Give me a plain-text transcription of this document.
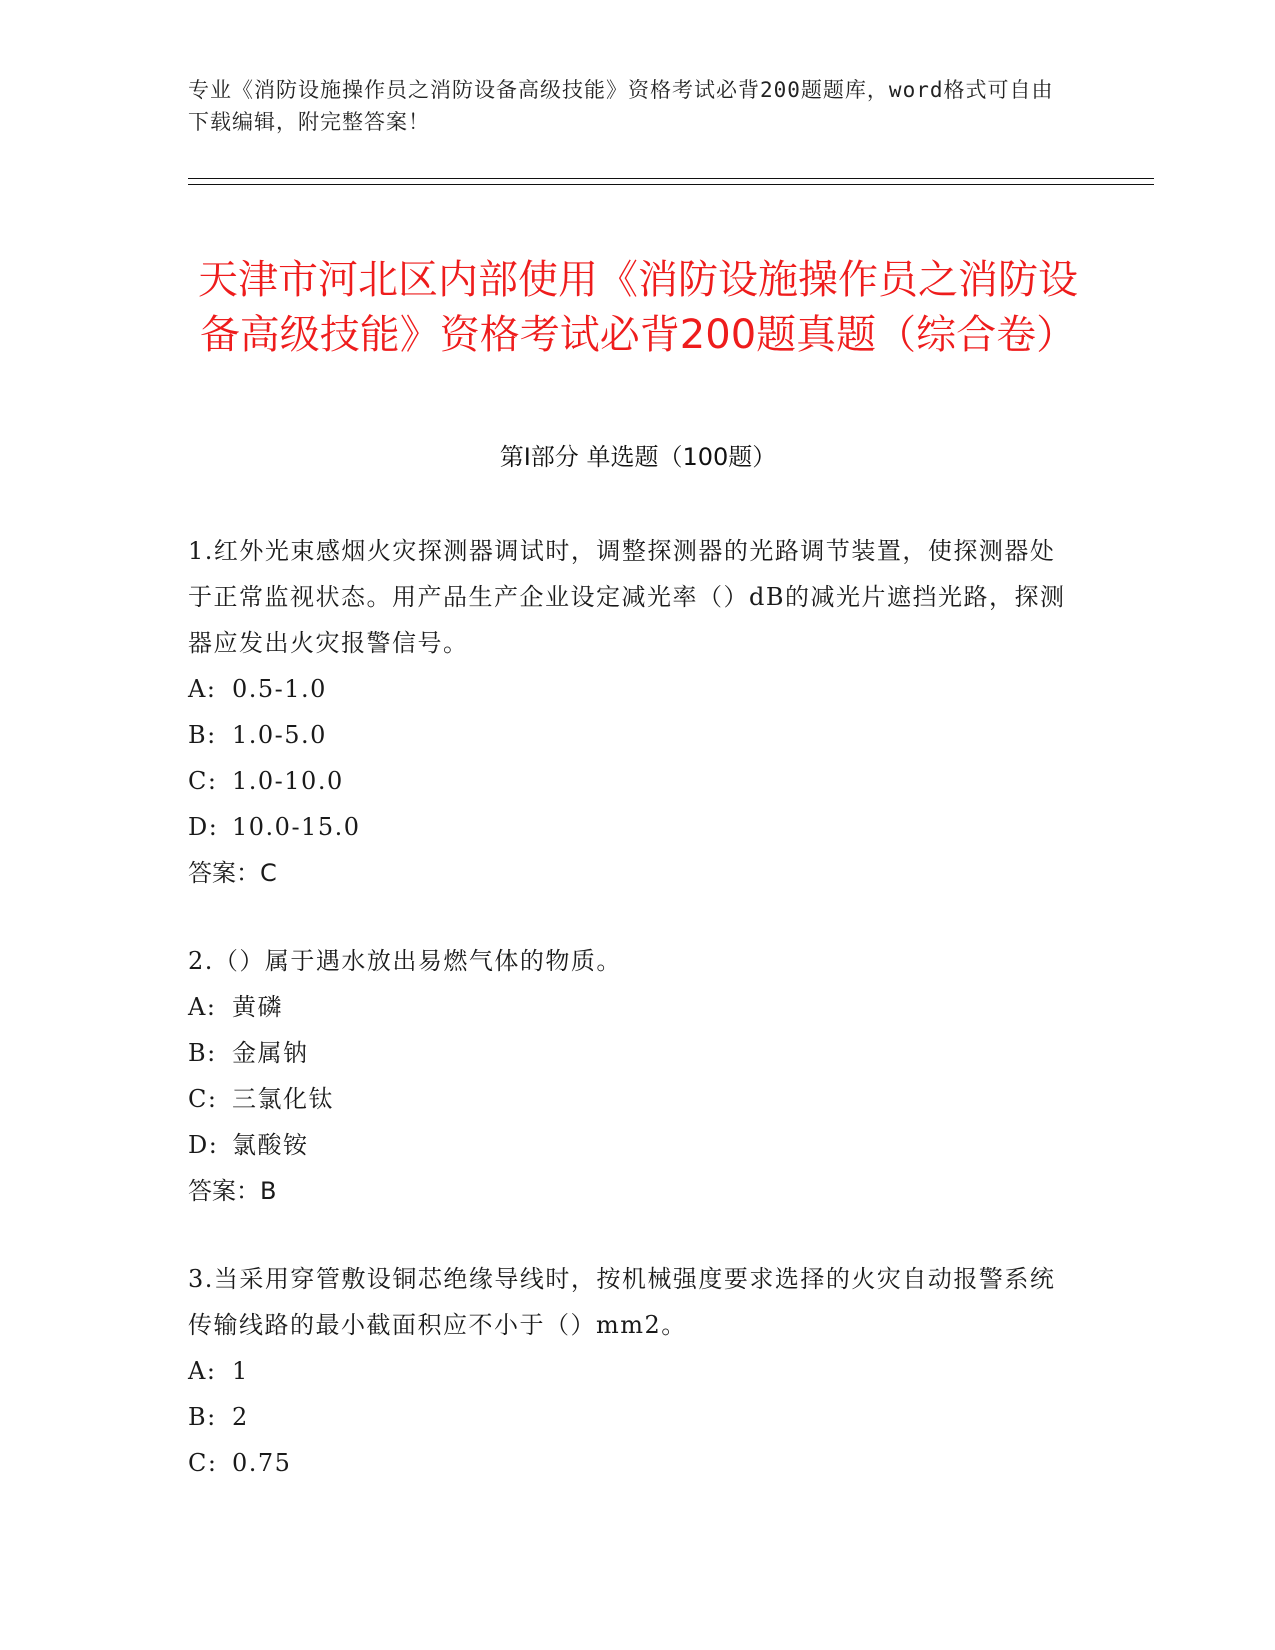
专业《消防设施操作员之消防设备高级技能》资格考试必背200题题库，word格式可自由下载编辑，附完整答案！
天津市河北区内部使用《消防设施操作员之消防设备高级技能》资格考试必背200题真题（综合卷）
第Ⅰ部分 单选题（100题）

1.红外光束感烟火灾探测器调试时，调整探测器的光路调节装置，使探测器处于正常监视状态。用产品生产企业设定减光率（）dB的减光片遮挡光路，探测器应发出火灾报警信号。

A: 0.5-1.0
B: 1.0-5.0
C: 1.0-10.0
D: 10.0-15.0
答案：C

2.（）属于遇水放出易燃气体的物质。

A: 黄磷
B: 金属钠
C: 三氯化钛
D: 氯酸铵
答案：B

3.当采用穿管敷设铜芯绝缘导线时，按机械强度要求选择的火灾自动报警系统传输线路的最小截面积应不小于（）mm2。

A: 1
B: 2
C: 0.75
